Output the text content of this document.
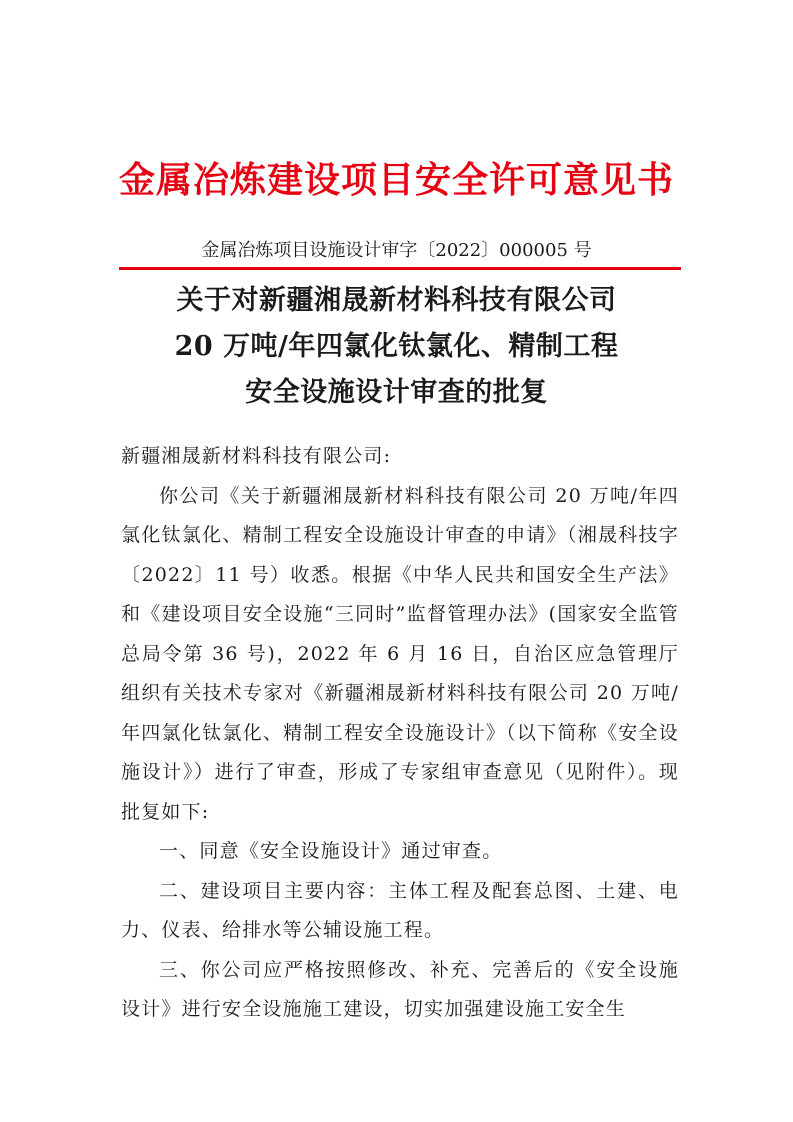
金属冶炼建设项目安全许可意见书
金属冶炼项目设施设计审字〔2022〕000005 号
关于对新疆湘晟新材料科技有限公司
20 万吨/年四氯化钛氯化、精制工程
安全设施设计审查的批复

新疆湘晟新材料科技有限公司:

你公司《关于新疆湘晟新材料科技有限公司 20 万吨/年四氯化钛氯化、精制工程安全设施设计审查的申请》（湘晟科技字〔2022〕11 号）收悉。根据《中华人民共和国安全生产法》和《建设项目安全设施“三同时”监督管理办法》(国家安全监管总局令第 36 号)，2022 年 6 月 16 日，自治区应急管理厅组织有关技术专家对《新疆湘晟新材料科技有限公司 20 万吨/年四氯化钛氯化、精制工程安全设施设计》（以下简称《安全设施设计》）进行了审查，形成了专家组审查意见（见附件）。现批复如下:

一、同意《安全设施设计》通过审查。

二、建设项目主要内容：主体工程及配套总图、土建、电力、仪表、给排水等公辅设施工程。

三、你公司应严格按照修改、补充、完善后的《安全设施设计》进行安全设施施工建设，切实加强建设施工安全生
